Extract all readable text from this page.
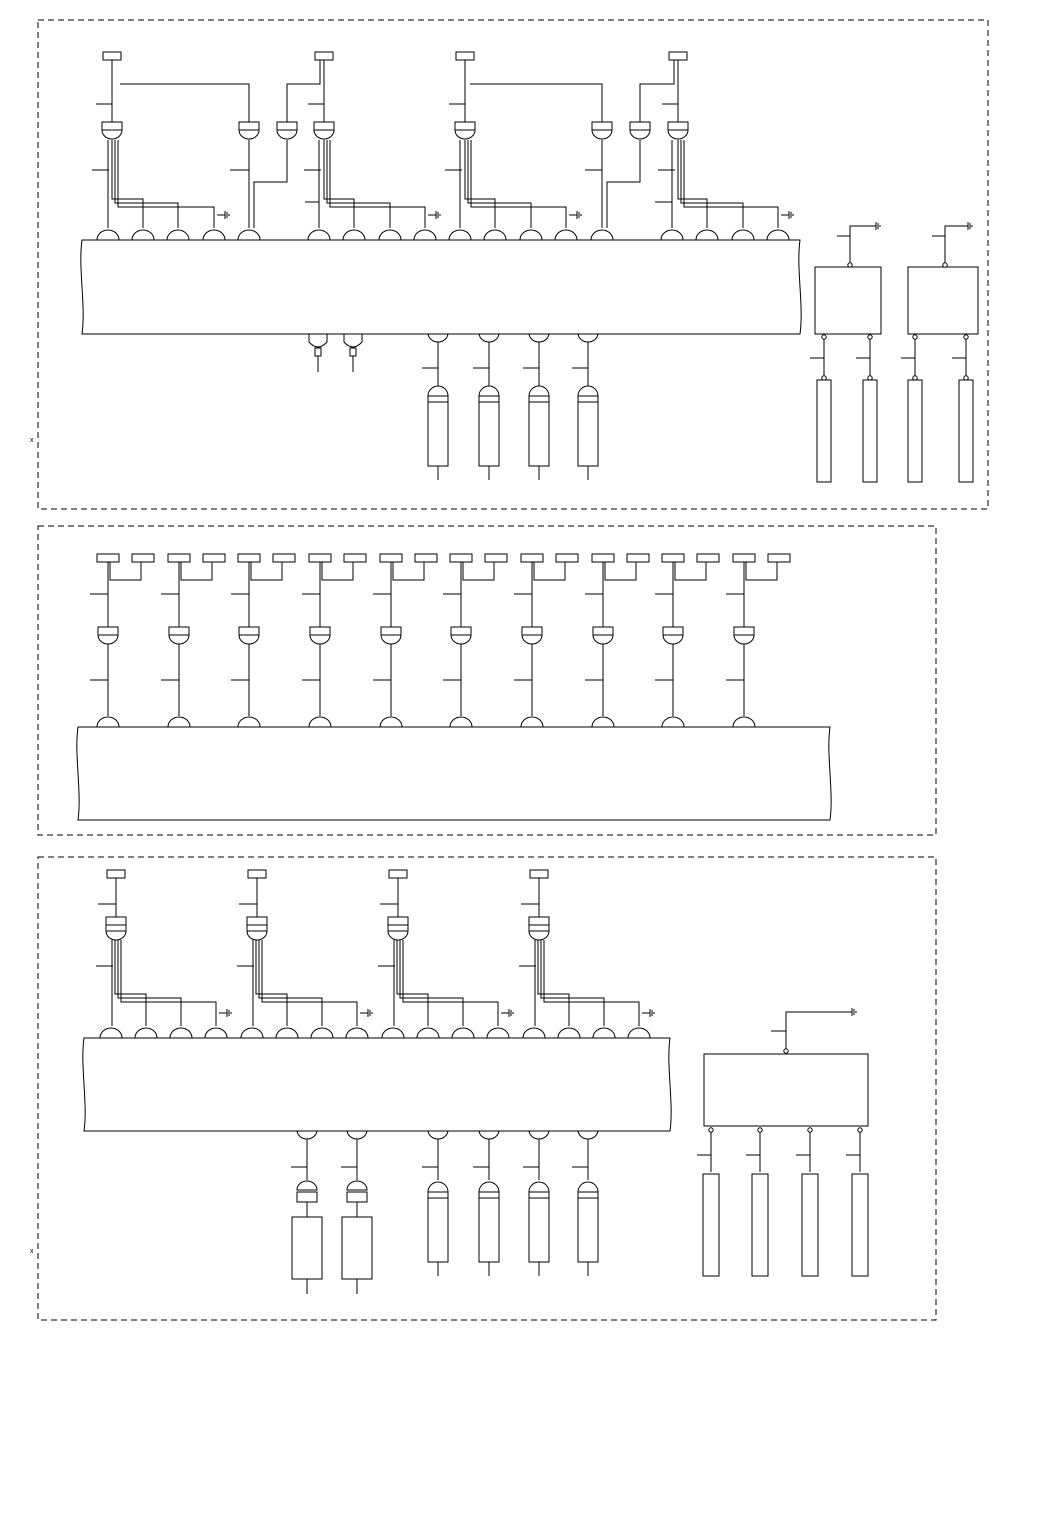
x
x
